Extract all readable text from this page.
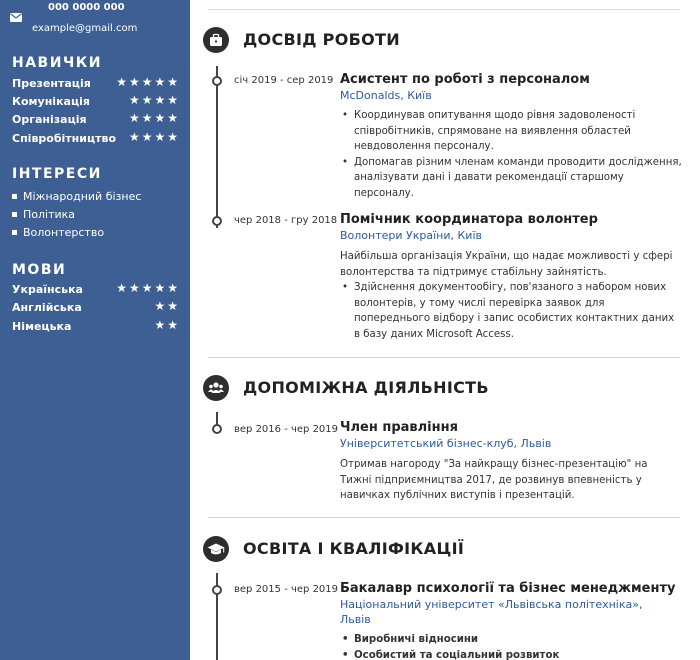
000 0000 000
example@gmail.com
НАВИЧКИ
Презентація ★★★★★
Комунікація	★★★★
Організація	★★★★
Співробітництво ★★★★
ІНТЕРЕСИ
Міжнародний бізнес
Політика
Волонтерство
МОВИ
Українська	★★★★★
Англійська	★★
Німецька	★★
ДОСВІД РОБОТИ
січ 2019 - сер 2019 Асистент по роботі з персоналом
McDonalds, Київ
• Координував опитування щодо рівня задоволеності співробітників, спрямоване на виявлення областей невдоволення персоналу.
• Допомагав різним членам команди проводити дослідження, аналізувати дані і давати рекомендації старшому персоналу.
чер 2018 - гру 2018 Помічник координатора волонтер
Волонтери України, Київ
Найбільша організація України, що надає можливості у сфері волонтерства та підтримує стабільну зайнятість.
• Здійснення документообігу, пов'язаного з набором нових волонтерів, у тому числі перевірка заявок для попереднього відбору і запис особистих контактних даних в базу даних Microsoft Access.
ДОПОМІЖНА ДІЯЛЬНІСТЬ
вер 2016 - чер 2019 Член правління
Університетський бізнес-клуб, Львів
Отримав нагороду "За найкращу бізнес-презентацію" на Тижні підприємництва 2017, де розвинув впевненість у навичках публічних виступів і презентацій.
ОСВІТА І КВАЛІФІКАЦІЇ
вер 2015 - чер 2019 Бакалавр психології та бізнес менеджменту
Національний університет «Львівська політехніка», Львів
• Виробничі відносини
• Особистий та соціальний розвиток
